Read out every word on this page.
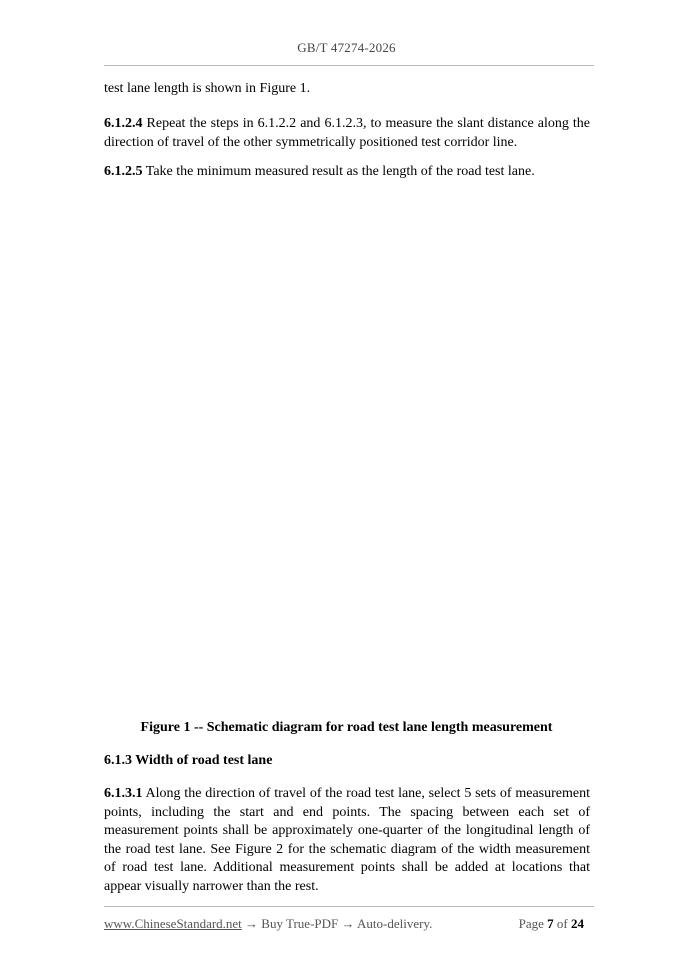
GB/T 47274-2026

test lane length is shown in Figure 1.

6.1.2.4 Repeat the steps in 6.1.2.2 and 6.1.2.3, to measure the slant distance along the direction of travel of the other symmetrically positioned test corridor line.

6.1.2.5 Take the minimum measured result as the length of the road test lane.

Figure 1 -- Schematic diagram for road test lane length measurement
6.1.3 Width of road test lane

6.1.3.1 Along the direction of travel of the road test lane, select 5 sets of measurement points, including the start and end points. The spacing between each set of measurement points shall be approximately one-quarter of the longitudinal length of the road test lane. See Figure 2 for the schematic diagram of the width measurement of road test lane. Additional measurement points shall be added at locations that appear visually narrower than the rest.

www.ChineseStandard.net → Buy True-PDF → Auto-delivery.	Page 7 of 24
